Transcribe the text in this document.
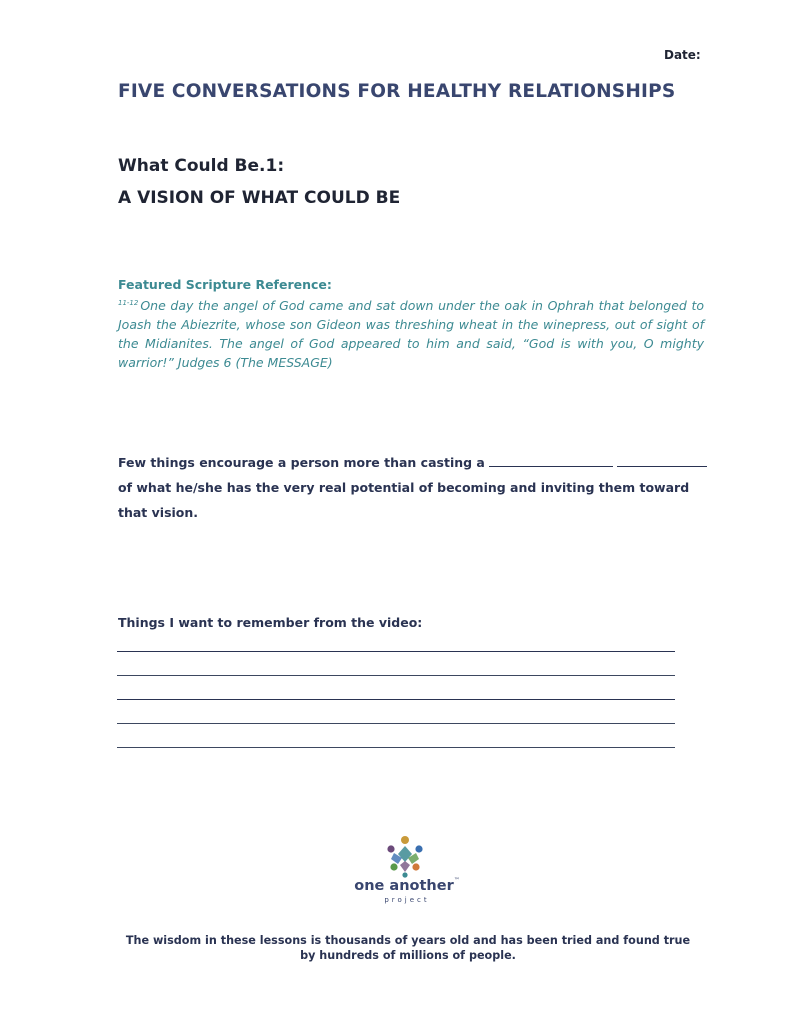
Date:
FIVE CONVERSATIONS FOR HEALTHY RELATIONSHIPS
What Could Be.1:
A VISION OF WHAT COULD BE
Featured Scripture Reference:
$^{11-12}$ One day the angel of God came and sat down under the oak in Ophrah that belonged to Joash the Abiezrite, whose son Gideon was threshing wheat in the winepress, out of sight of the Midianites. The angel of God appeared to him and said, “God is with you, O mighty warrior!” Judges 6 (The MESSAGE)
Few things encourage a person more than casting a  of what he/she has the very real potential of becoming and inviting them toward that vision.
Things I want to remember from the video:
one another™
project
The wisdom in these lessons is thousands of years old and has been tried and found true by hundreds of millions of people.
